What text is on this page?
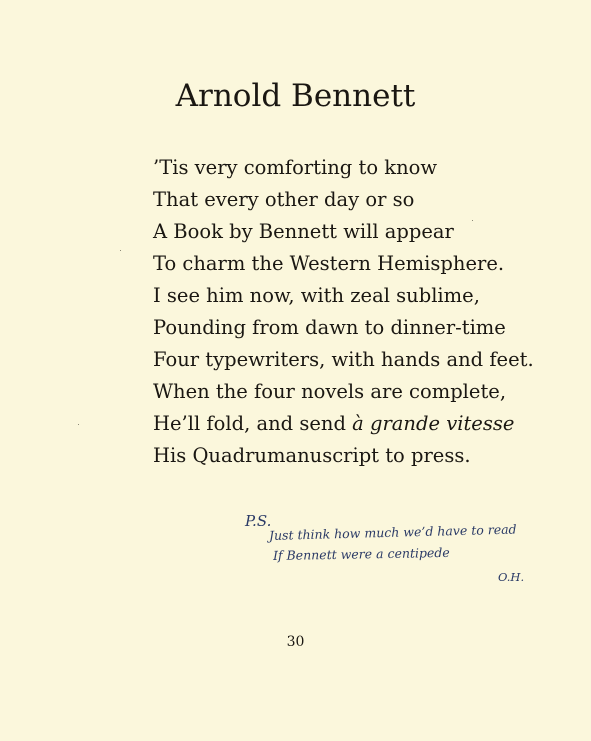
Arnold Bennett
’Tis very comforting to know
That every other day or so
A Book by Bennett will appear
To charm the Western Hemisphere.
I see him now, with zeal sublime,
Pounding from dawn to dinner-time
Four typewriters, with hands and feet.
When the four novels are complete,
He’ll fold, and send à grande vitesse
His Quadrumanuscript to press.
P.S.
Just think how much we’d have to read
If Bennett were a centipede
O.H.
30
